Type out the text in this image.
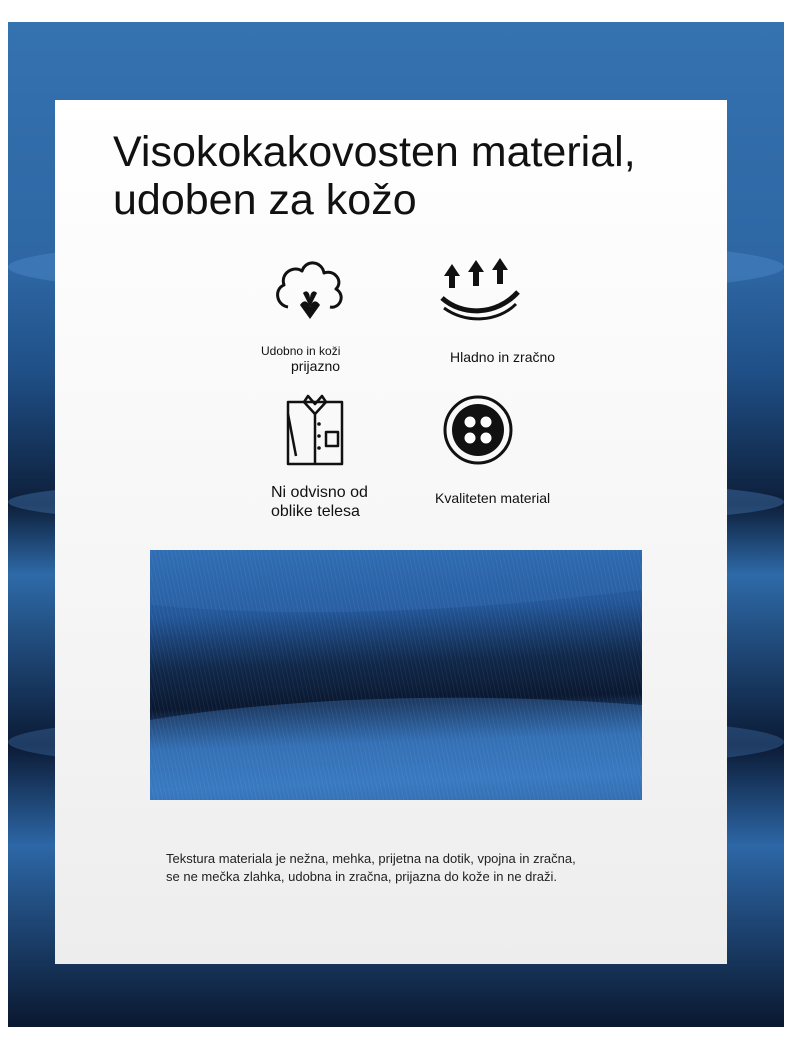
Visokokakovosten material,
udoben za kožo
Udobno in koži
prijazno
Hladno in zračno
Ni odvisno od
oblike telesa
Kvaliteten material
Tekstura materiala je nežna, mehka, prijetna na dotik, vpojna in zračna,
se ne mečka zlahka, udobna in zračna, prijazna do kože in ne draži.
